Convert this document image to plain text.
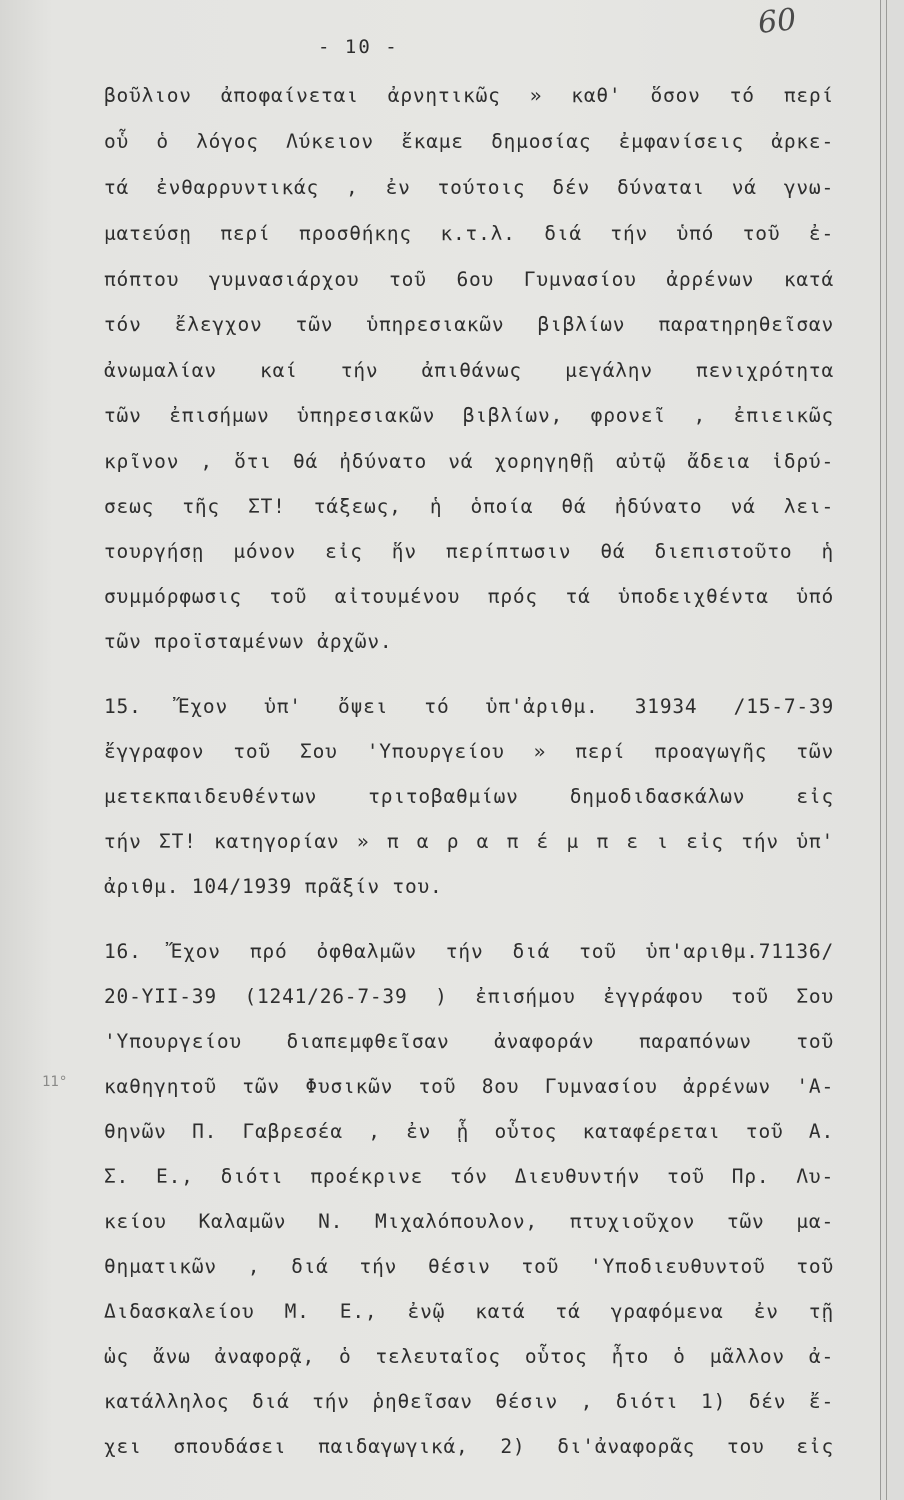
60
- 10 -
11°
βοῦλιον ἀποφαίνεται ἀρνητικῶς » καθ' ὅσον τό περί
οὗ ὁ λόγος Λύκειον ἔκαμε δημοσίας ἐμφανίσεις ἀρκε-
τά ἐνθαρρυντικάς , ἐν τούτοις δέν δύναται νά γνω-
ματεύσῃ περί προσθήκης κ.τ.λ. διά τήν ὑπό τοῦ ἐ-
πόπτου γυμνασιάρχου τοῦ 6ου Γυμνασίου ἀρρένων κατά
τόν ἔλεγχον τῶν ὑπηρεσιακῶν βιβλίων παρατηρηθεῖσαν
ἀνωμαλίαν καί τήν ἀπιθάνως μεγάλην πενιχρότητα
τῶν ἐπισήμων ὑπηρεσιακῶν βιβλίων, φρονεῖ , ἐπιεικῶς
κρῖνον , ὅτι θά ἠδύνατο νά χορηγηθῇ αὐτῷ ἄδεια ἱδρύ-
σεως τῆς ΣΤ! τάξεως, ἡ ὁποία θά ἠδύνατο νά λει-
τουργήσῃ μόνον εἰς ἥν περίπτωσιν θά διεπιστοῦτο ἡ
συμμόρφωσις τοῦ αἰτουμένου πρός τά ὑποδειχθέντα ὑπό
τῶν προϊσταμένων ἀρχῶν.
15. Ἔχον ὑπ' ὄψει τό ὑπ'ἀριθμ. 31934 /15-7-39
ἔγγραφον τοῦ Σου 'Υπουργείου » περί προαγωγῆς τῶν
μετεκπαιδευθέντων τριτοβαθμίων δημοδιδασκάλων εἰς
τήν ΣΤ! κατηγορίαν » π α ρ α π έ μ π ε ι εἰς τήν ὑπ'
ἀριθμ. 104/1939 πρᾶξίν του.
16. Ἔχον πρό ὀφθαλμῶν τήν διά τοῦ ὑπ'αριθμ.71136/
20-ΥΙΙ-39 (1241/26-7-39 ) ἐπισήμου ἐγγράφου τοῦ Σου
'Υπουργείου διαπεμφθεῖσαν ἀναφοράν παραπόνων τοῦ
καθηγητοῦ τῶν Φυσικῶν τοῦ 8ου Γυμνασίου ἀρρένων 'Α-
θηνῶν Π. Γαβρεσέα , ἐν ᾗ οὗτος καταφέρεται τοῦ Α.
Σ. Ε., διότι προέκρινε τόν Διευθυντήν τοῦ Πρ. Λυ-
κείου Καλαμῶν Ν. Μιχαλόπουλον, πτυχιοῦχον τῶν μα-
θηματικῶν , διά τήν θέσιν τοῦ 'Υποδιευθυντοῦ τοῦ
Διδασκαλείου Μ. Ε., ἐνῷ κατά τά γραφόμενα ἐν τῇ
ὡς ἄνω ἀναφορᾷ, ὁ τελευταῖος οὗτος ἦτο ὁ μᾶλλον ἀ-
κατάλληλος διά τήν ῥηθεῖσαν θέσιν , διότι 1) δέν ἔ-
χει σπουδάσει παιδαγωγικά, 2) δι'ἀναφορᾶς του εἰς
